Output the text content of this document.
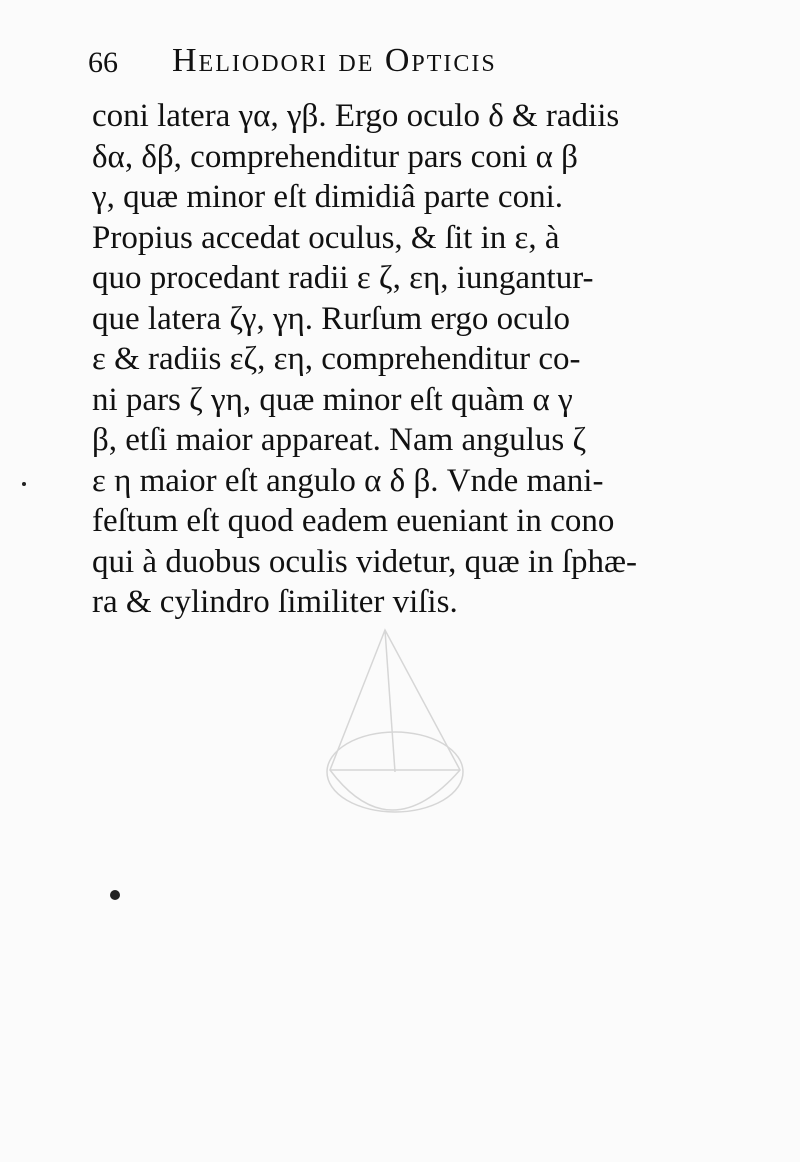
66 Heliodori de Opticis
coni latera γα, γβ. Ergo oculo δ & radiis
δα, δβ, comprehenditur pars coni α β
γ, quæ minor eſt dimidiâ parte coni.
Propius accedat oculus, & ſit in ε, à
quo procedant radii ε ζ, εη, iungantur-
que latera ζγ, γη. Rurſum ergo oculo
ε & radiis εζ, εη, comprehenditur co-
ni pars ζ γη, quæ minor eſt quàm α γ
β, etſi maior appareat. Nam angulus ζ
ε η maior eſt angulo α δ β. Vnde mani-
feſtum eſt quod eadem eueniant in cono
qui à duobus oculis videtur, quæ in ſphæ-
ra & cylindro ſimiliter viſis.
